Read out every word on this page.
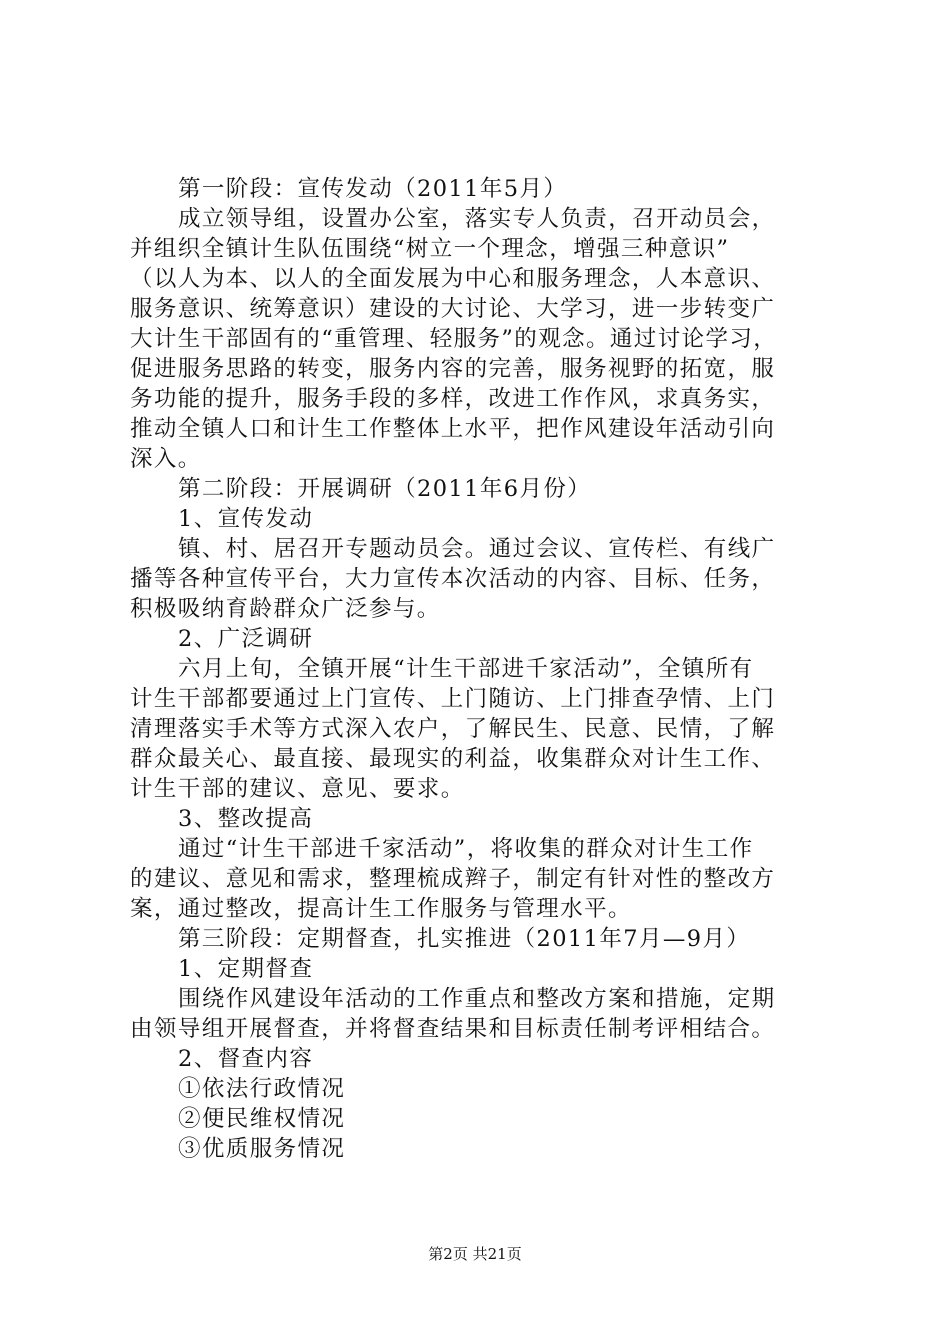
第一阶段：宣传发动（2011年5月）
成立领导组，设置办公室，落实专人负责，召开动员会，
并组织全镇计生队伍围绕“树立一个理念，增强三种意识”
（以人为本、以人的全面发展为中心和服务理念，人本意识、
服务意识、统筹意识）建设的大讨论、大学习，进一步转变广
大计生干部固有的“重管理、轻服务”的观念。通过讨论学习，
促进服务思路的转变，服务内容的完善，服务视野的拓宽，服
务功能的提升，服务手段的多样，改进工作作风，求真务实，
推动全镇人口和计生工作整体上水平，把作风建设年活动引向
深入。
第二阶段：开展调研（2011年6月份）
1、宣传发动
镇、村、居召开专题动员会。通过会议、宣传栏、有线广
播等各种宣传平台，大力宣传本次活动的内容、目标、任务，
积极吸纳育龄群众广泛参与。
2、广泛调研
六月上旬，全镇开展“计生干部进千家活动”，全镇所有
计生干部都要通过上门宣传、上门随访、上门排查孕情、上门
清理落实手术等方式深入农户，了解民生、民意、民情，了解
群众最关心、最直接、最现实的利益，收集群众对计生工作、
计生干部的建议、意见、要求。
3、整改提高
通过“计生干部进千家活动”，将收集的群众对计生工作
的建议、意见和需求，整理梳成辫子，制定有针对性的整改方
案，通过整改，提高计生工作服务与管理水平。
第三阶段：定期督查，扎实推进（2011年7月—9月）
1、定期督查
围绕作风建设年活动的工作重点和整改方案和措施，定期
由领导组开展督查，并将督查结果和目标责任制考评相结合。
2、督查内容
①依法行政情况
②便民维权情况
③优质服务情况
第2页 共21页
